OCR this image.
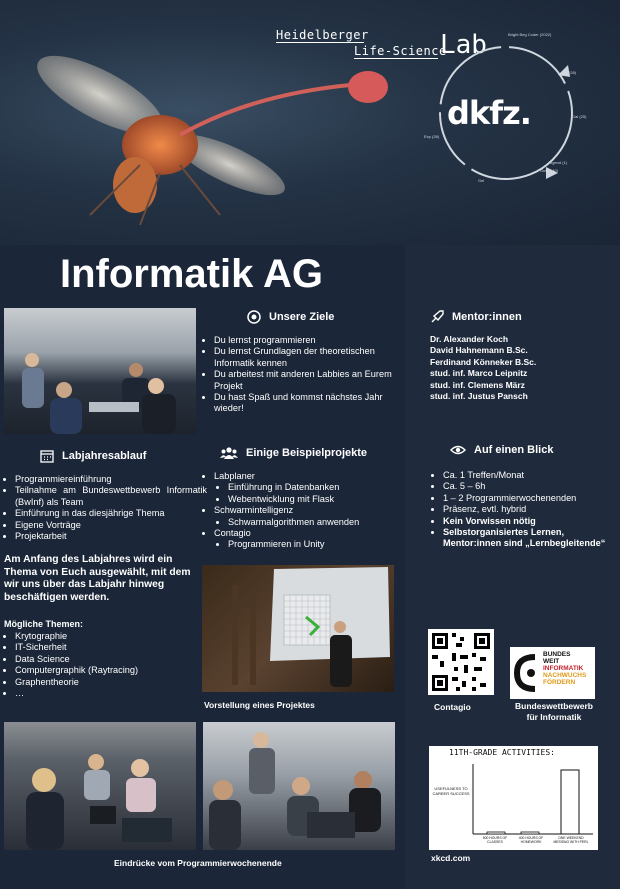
Heidelberger
Life-Science
Lab	Bright Beg Coder (2022)
Bio (28)
Gal (25)
Jugend (1)
Gut 2 (40)
Gel
Exp (28)
dkfz.
Informatik AG
Unsere Ziele
• Du lernst programmieren
• Du lernst Grundlagen der theoretischen Informatik kennen
• Du arbeitest mit anderen Labbies an Eurem Projekt
• Du hast Spaß und kommst nächstes Jahr wieder!
Mentor:innen
Dr. Alexander Koch
David Hahnemann B.Sc.
Ferdinand Könneker B.Sc.
stud. inf. Marco Leipnitz
stud. inf. Clemens März
stud. inf. Justus Pansch
Labjahresablauf
• Programmiereinführung
• Teilnahme am Bundeswettbewerb Informatik (BwInf) als Team
• Einführung in das diesjährige Thema
• Eigene Vorträge
• Projektarbeit
Am Anfang des Labjahres wird ein Thema von Euch ausgewählt, mit dem wir uns über das Labjahr hinweg beschäftigen werden.
Mögliche Themen:
• Krytographie
• IT-Sicherheit
• Data Science
• Computergraphik (Raytracing)
• Graphentheorie
• …
Einige Beispielprojekte
• Labplaner
• Einführung in Datenbanken
• Webentwicklung mit Flask
• Schwarmintelligenz
• Schwarmalgorithmen anwenden
• Contagio
• Programmieren in Unity
Vorstellung eines Projektes
Auf einen Blick
• Ca. 1 Treffen/Monat
• Ca. 5 – 6h
• 1 – 2 Programmierwochenenden
• Präsenz, evtl. hybrid
• Kein Vorwissen nötig
• Selbstorganisiertes Lernen, Mentor:innen sind „Lernbegleitende“
Contagio
BUNDES
WEIT
INFORMATIK
NACHWUCHS
FÖRDERN
Bundeswettbewerb
für Informatik
11TH-GRADE ACTIVITIES:
USEFULNESS TO CAREER SUCCESS
500 HOURS OF CLASSES
400 HOURS OF HOMEWORK
ONE WEEKEND MESSING WITH PERL
xkcd.com
Eindrücke vom Programmierwochenende
